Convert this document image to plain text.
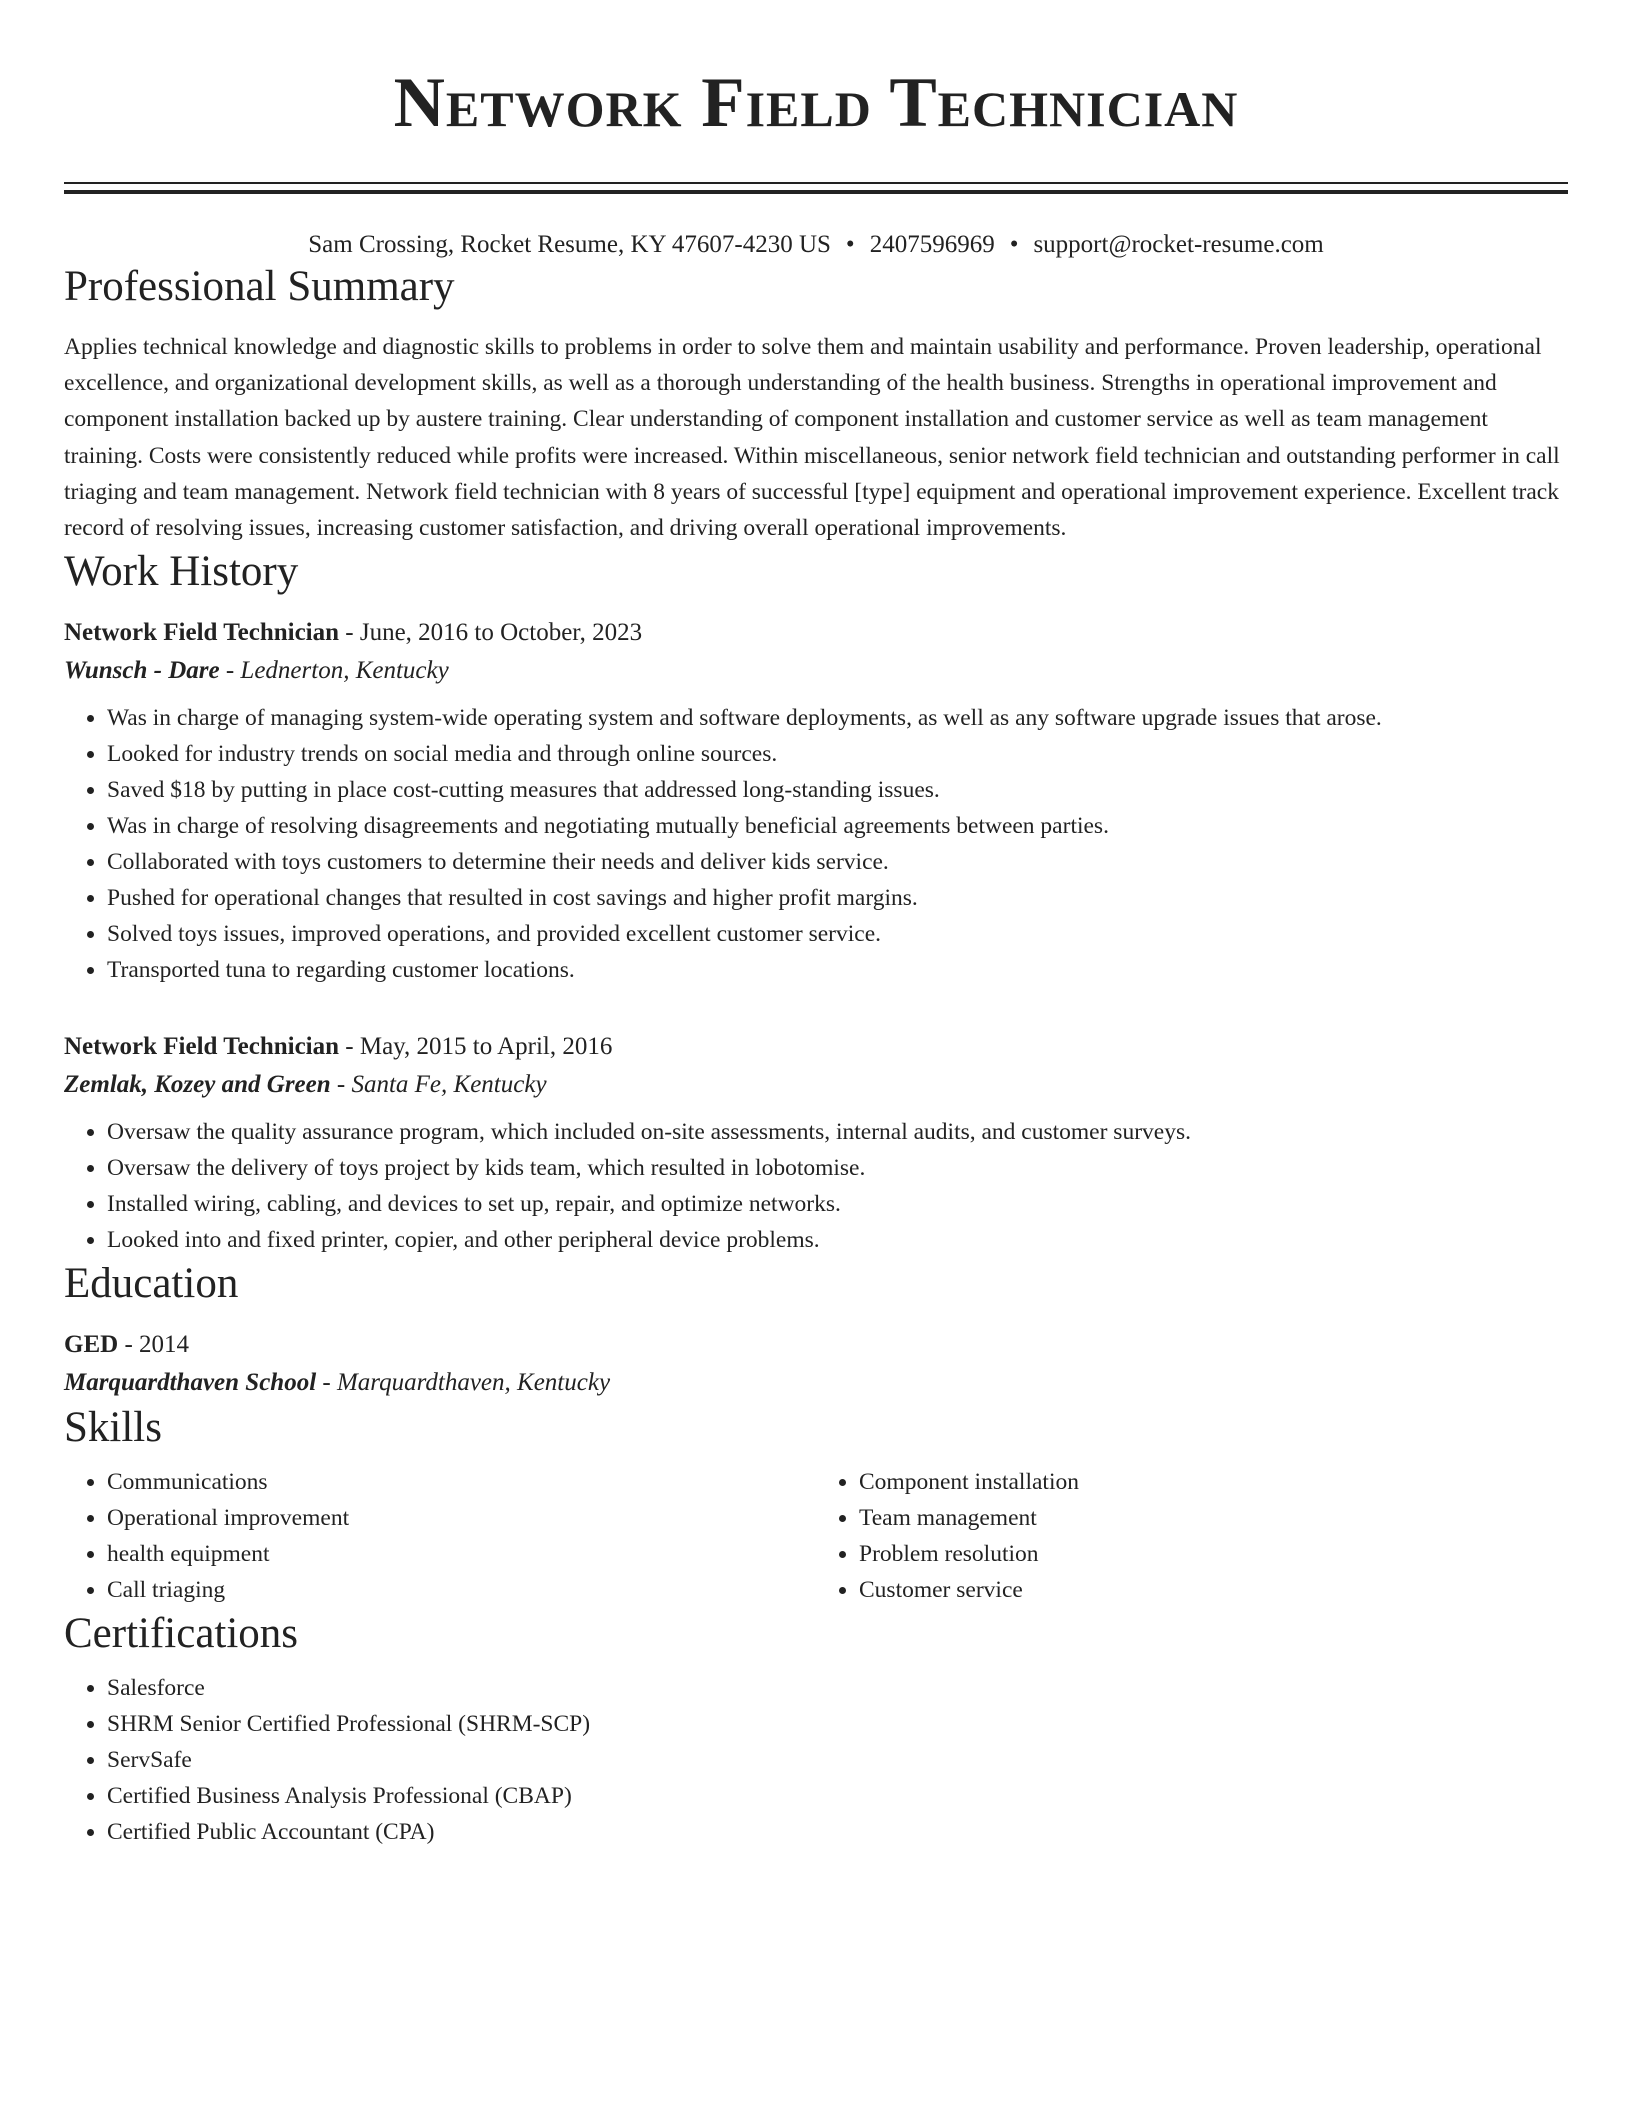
Network Field Technician
Sam Crossing, Rocket Resume, KY 47607-4230 US • 2407596969 • support@rocket-resume.com
Professional Summary

Applies technical knowledge and diagnostic skills to problems in order to solve them and maintain usability and performance. Proven leadership, operational excellence, and organizational development skills, as well as a thorough understanding of the health business. Strengths in operational improvement and component installation backed up by austere training. Clear understanding of component installation and customer service as well as team management training. Costs were consistently reduced while profits were increased. Within miscellaneous, senior network field technician and outstanding performer in call triaging and team management. Network field technician with 8 years of successful [type] equipment and operational improvement experience. Excellent track record of resolving issues, increasing customer satisfaction, and driving overall operational improvements.

Work History
Network Field Technician - June, 2016 to October, 2023
Wunsch - Dare - Lednerton, Kentucky
• Was in charge of managing system-wide operating system and software deployments, as well as any software upgrade issues that arose.
• Looked for industry trends on social media and through online sources.
• Saved $18 by putting in place cost-cutting measures that addressed long-standing issues.
• Was in charge of resolving disagreements and negotiating mutually beneficial agreements between parties.
• Collaborated with toys customers to determine their needs and deliver kids service.
• Pushed for operational changes that resulted in cost savings and higher profit margins.
• Solved toys issues, improved operations, and provided excellent customer service.
• Transported tuna to regarding customer locations.
Network Field Technician - May, 2015 to April, 2016
Zemlak, Kozey and Green - Santa Fe, Kentucky
• Oversaw the quality assurance program, which included on-site assessments, internal audits, and customer surveys.
• Oversaw the delivery of toys project by kids team, which resulted in lobotomise.
• Installed wiring, cabling, and devices to set up, repair, and optimize networks.
• Looked into and fixed printer, copier, and other peripheral device problems.
Education
GED - 2014
Marquardthaven School - Marquardthaven, Kentucky
Skills
• Communications
• Operational improvement
• health equipment
• Call triaging
• Component installation
• Team management
• Problem resolution
• Customer service
Certifications
• Salesforce
• SHRM Senior Certified Professional (SHRM-SCP)
• ServSafe
• Certified Business Analysis Professional (CBAP)
• Certified Public Accountant (CPA)
